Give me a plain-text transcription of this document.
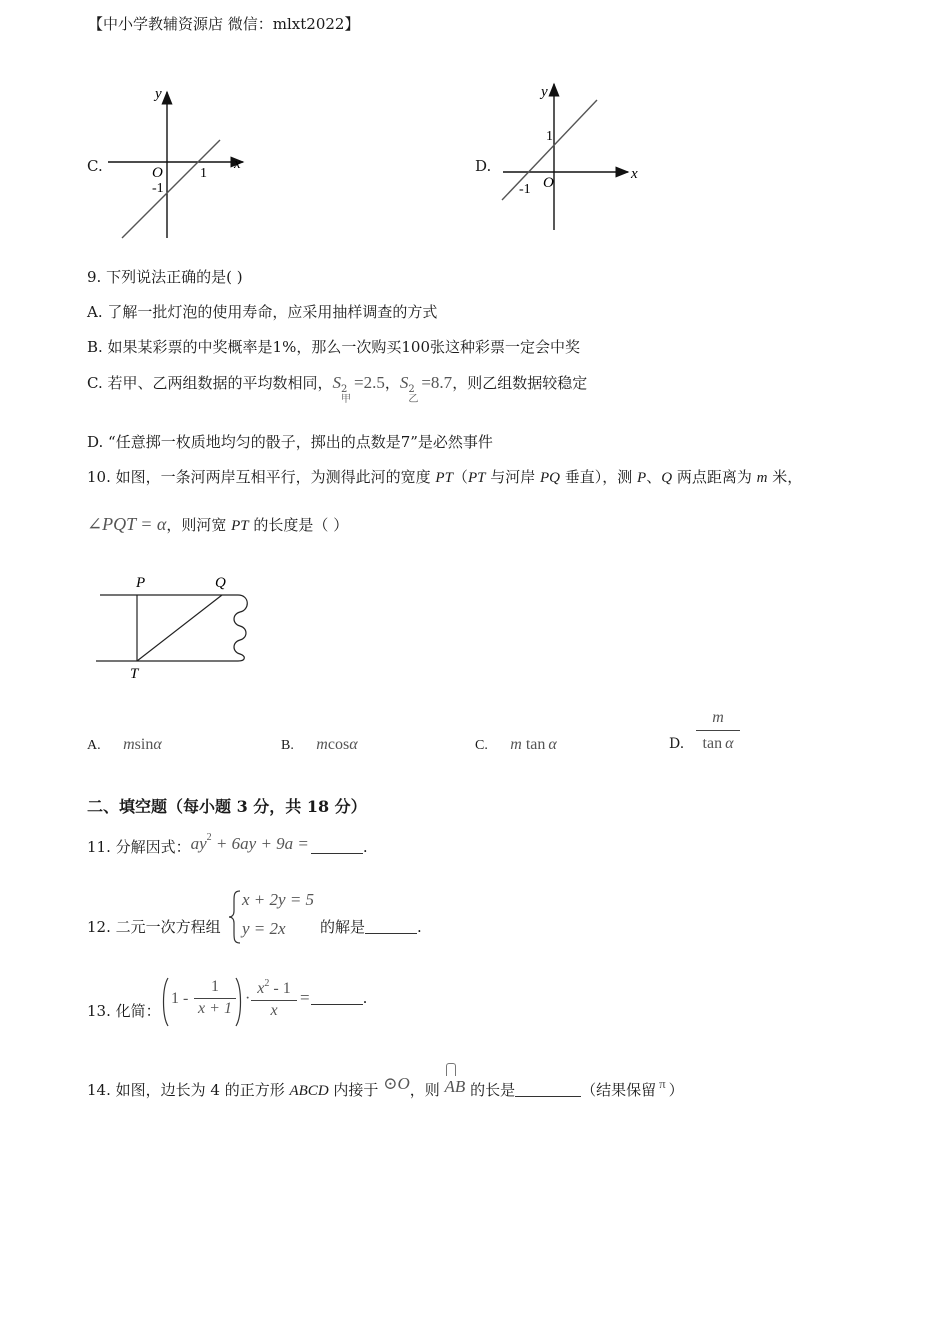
【中小学教辅资源店 微信：mlxt2022】
C.
y
x
O	1
-1
D.
y
x
O
1
-1
9. 下列说法正确的是( )
A. 了解一批灯泡的使用寿命，应采用抽样调查的方式
B. 如果某彩票的中奖概率是1%，那么一次购买100张这种彩票一定会中奖
C. 若甲、乙两组数据的平均数相同，S 2
甲
=2.5，S 2
乙
=8.7，则乙组数据较稳定
D. “任意掷一枚质地均匀的骰子，掷出的点数是7”是必然事件
10. 如图，一条河两岸互相平行，为测得此河的宽度 PT（PT 与河岸 PQ 垂直），测 P、Q 两点距离为 m 米，
∠PQT = α，则河宽 PT 的长度是（ ）
P	Q
T
A. msinα	B. mcosα	C. m tan α	D.
m
tan α
二、填空题（每小题 3 分，共 18 分）
11. 分解因式：$ay^2 + 6ay + 9a$ =	.
12. 二元一次方程组
x + 2y = 5
y = 2x 的解是	.
13. 化简：
1 -
1
x + 1
·
$x^2 - 1$
x
=	.
14. 如图，边长为 4 的正方形 ABCD 内接于 ⊙O，则
AB 的长是	（结果保留 π ）
